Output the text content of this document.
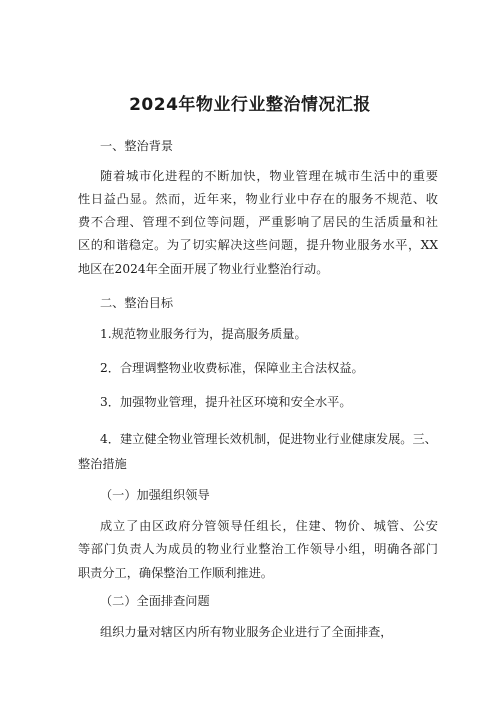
2024年物业行业整治情况汇报
一、整治背景
随着城市化进程的不断加快，物业管理在城市生活中的重要
性日益凸显。然而，近年来，物业行业中存在的服务不规范、收
费不合理、管理不到位等问题，严重影响了居民的生活质量和社
区的和谐稳定。为了切实解决这些问题，提升物业服务水平，XX
地区在2024年全面开展了物业行业整治行动。
二、整治目标
1.规范物业服务行为，提高服务质量。
2．合理调整物业收费标准，保障业主合法权益。
3．加强物业管理，提升社区环境和安全水平。
4．建立健全物业管理长效机制，促进物业行业健康发展。三、
整治措施
（一）加强组织领导
成立了由区政府分管领导任组长，住建、物价、城管、公安
等部门负责人为成员的物业行业整治工作领导小组，明确各部门
职责分工，确保整治工作顺利推进。
（二）全面排查问题
组织力量对辖区内所有物业服务企业进行了全面排查，
